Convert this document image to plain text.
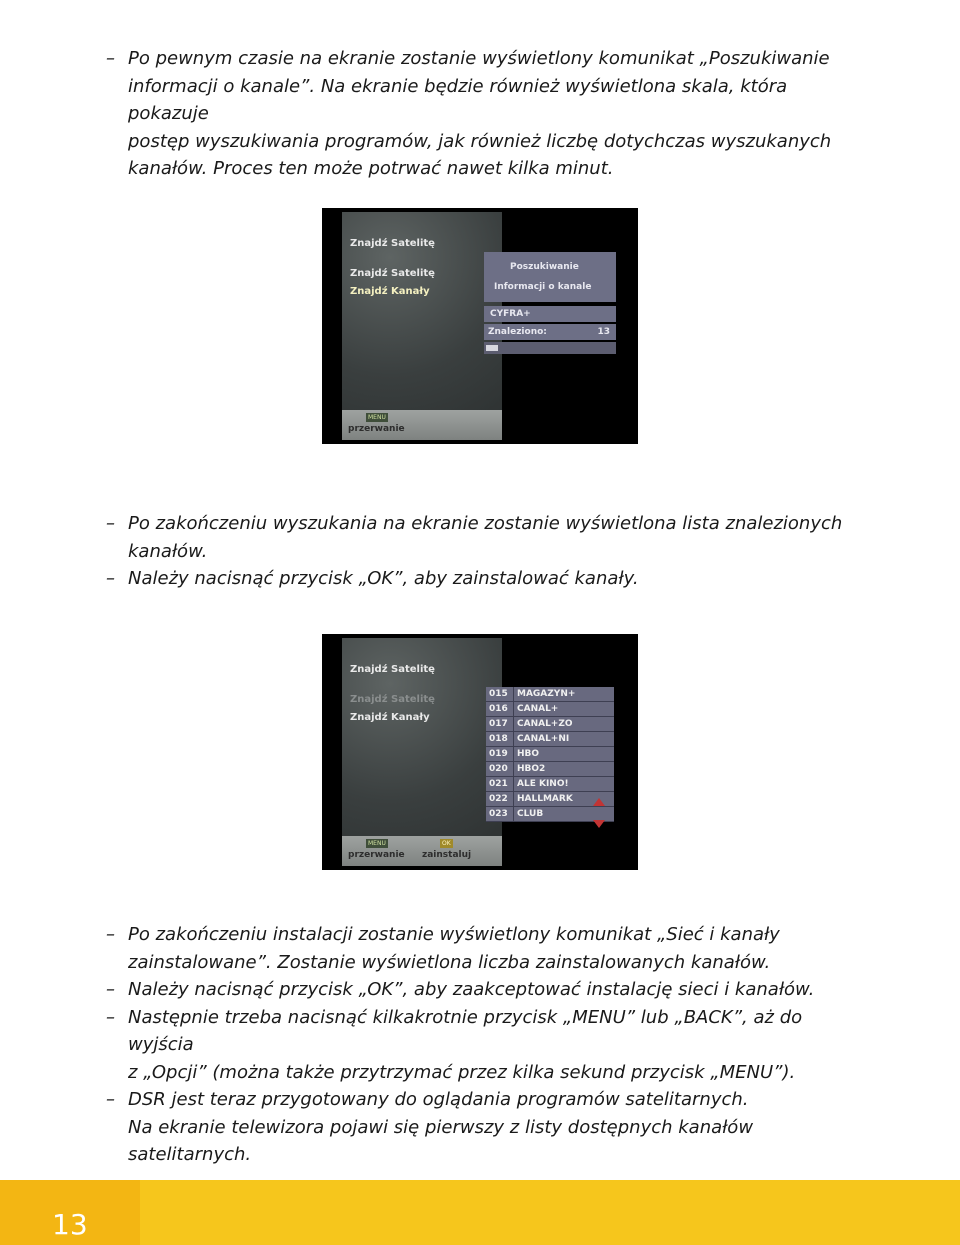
– Po pewnym czasie na ekranie zostanie wyświetlony komunikat „Poszukiwanie
informacji o kanale”. Na ekranie będzie również wyświetlona skala, która pokazuje
postęp wyszukiwania programów, jak również liczbę dotychczas wyszukanych
kanałów. Proces ten może potrwać nawet kilka minut.
Znajdź Satelitę
Znajdź Satelitę
Znajdź Kanały
MENU
przerwanie
Poszukiwanie
Informacji o kanale
CYFRA+
Znaleziono:	13
– Po zakończeniu wyszukania na ekranie zostanie wyświetlona lista znalezionych
kanałów.
– Należy nacisnąć przycisk „OK”, aby zainstalować kanały.
Znajdź Satelitę
Znajdź Satelitę
Znajdź Kanały
MENU
przerwanie
OK
zainstaluj
015 MAGAZYN+
016 CANAL+
017 CANAL+ZO
018 CANAL+NI
019 HBO
020 HBO2
021 ALE KINO!
022 HALLMARK
023 CLUB
– Po zakończeniu instalacji zostanie wyświetlony komunikat „Sieć i kanały
zainstalowane”. Zostanie wyświetlona liczba zainstalowanych kanałów.
– Należy nacisnąć przycisk „OK”, aby zaakceptować instalację sieci i kanałów.
– Następnie trzeba nacisnąć kilkakrotnie przycisk „MENU” lub „BACK”, aż do wyjścia
z „Opcji” (można także przytrzymać przez kilka sekund przycisk „MENU”).
– DSR jest teraz przygotowany do oglądania programów satelitarnych.
Na ekranie telewizora pojawi się pierwszy z listy dostępnych kanałów satelitarnych.
13
